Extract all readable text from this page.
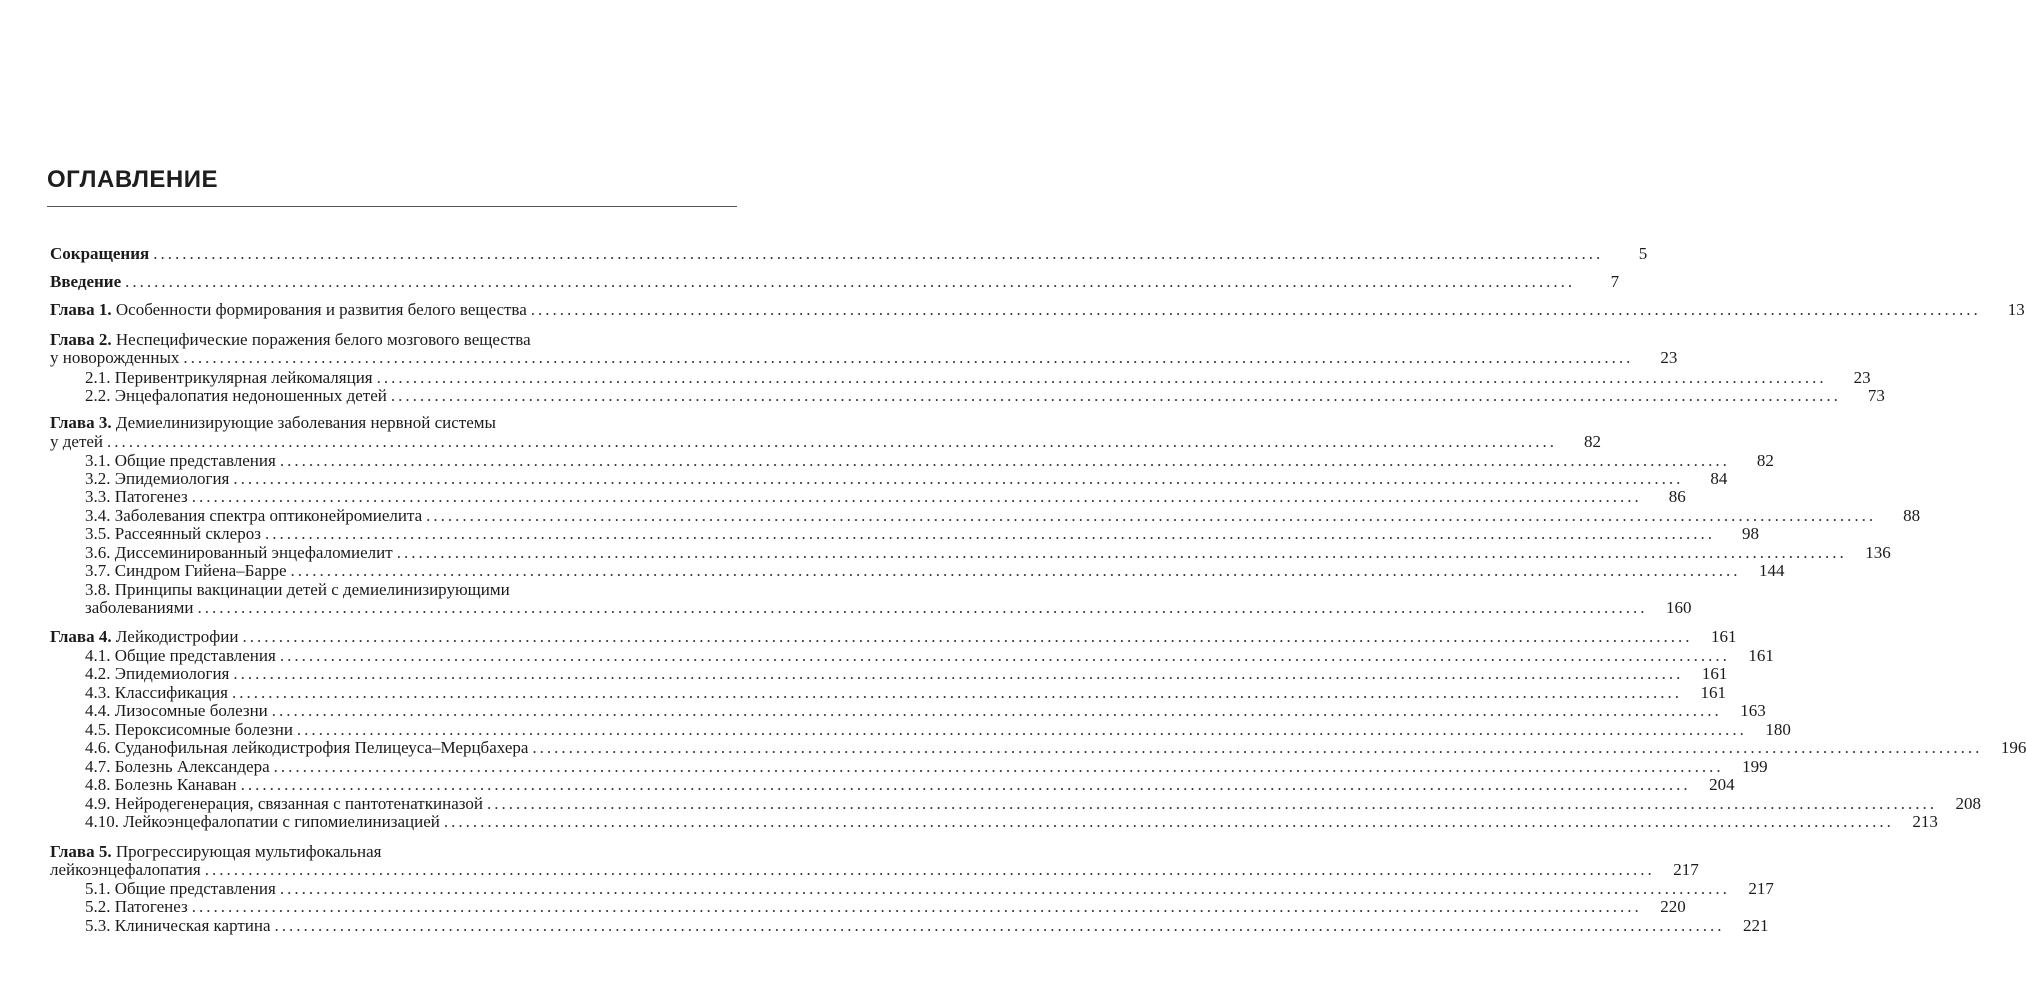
ОГЛАВЛЕНИЕ
Сокращения ........................................................................................................................................................................................................	5
Введение ........................................................................................................................................................................................................	7
Глава 1. Особенности формирования и развития белого вещества ........................................................................................................................................................................................................	13
Глава 2. Неспецифические поражения белого мозгового вещества
у новорожденных ........................................................................................................................................................................................................	23
2.1. Перивентрикулярная лейкомаляция ........................................................................................................................................................................................................	23
2.2. Энцефалопатия недоношенных детей ........................................................................................................................................................................................................	73
Глава 3. Демиелинизирующие заболевания нервной системы
у детей ........................................................................................................................................................................................................	82
3.1. Общие представления ........................................................................................................................................................................................................	82
3.2. Эпидемиология ........................................................................................................................................................................................................	84
3.3. Патогенез ........................................................................................................................................................................................................	86
3.4. Заболевания спектра оптиконейромиелита ........................................................................................................................................................................................................	88
3.5. Рассеянный склероз ........................................................................................................................................................................................................	98
3.6. Диссеминированный энцефаломиелит ........................................................................................................................................................................................................	136
3.7. Синдром Гийена–Барре ........................................................................................................................................................................................................	144
3.8. Принципы вакцинации детей с демиелинизирующими
заболеваниями ........................................................................................................................................................................................................	160
Глава 4. Лейкодистрофии ........................................................................................................................................................................................................	161
4.1. Общие представления ........................................................................................................................................................................................................	161
4.2. Эпидемиология ........................................................................................................................................................................................................	161
4.3. Классификация ........................................................................................................................................................................................................	161
4.4. Лизосомные болезни ........................................................................................................................................................................................................	163
4.5. Пероксисомные болезни ........................................................................................................................................................................................................	180
4.6. Суданофильная лейкодистрофия Пелицеуса–Мерцбахера ........................................................................................................................................................................................................	196
4.7. Болезнь Александера ........................................................................................................................................................................................................	199
4.8. Болезнь Канаван ........................................................................................................................................................................................................	204
4.9. Нейродегенерация, связанная с пантотенаткиназой ........................................................................................................................................................................................................	208
4.10. Лейкоэнцефалопатии с гипомиелинизацией ........................................................................................................................................................................................................	213
Глава 5. Прогрессирующая мультифокальная
лейкоэнцефалопатия ........................................................................................................................................................................................................	217
5.1. Общие представления ........................................................................................................................................................................................................	217
5.2. Патогенез ........................................................................................................................................................................................................	220
5.3. Клиническая картина ........................................................................................................................................................................................................	221
